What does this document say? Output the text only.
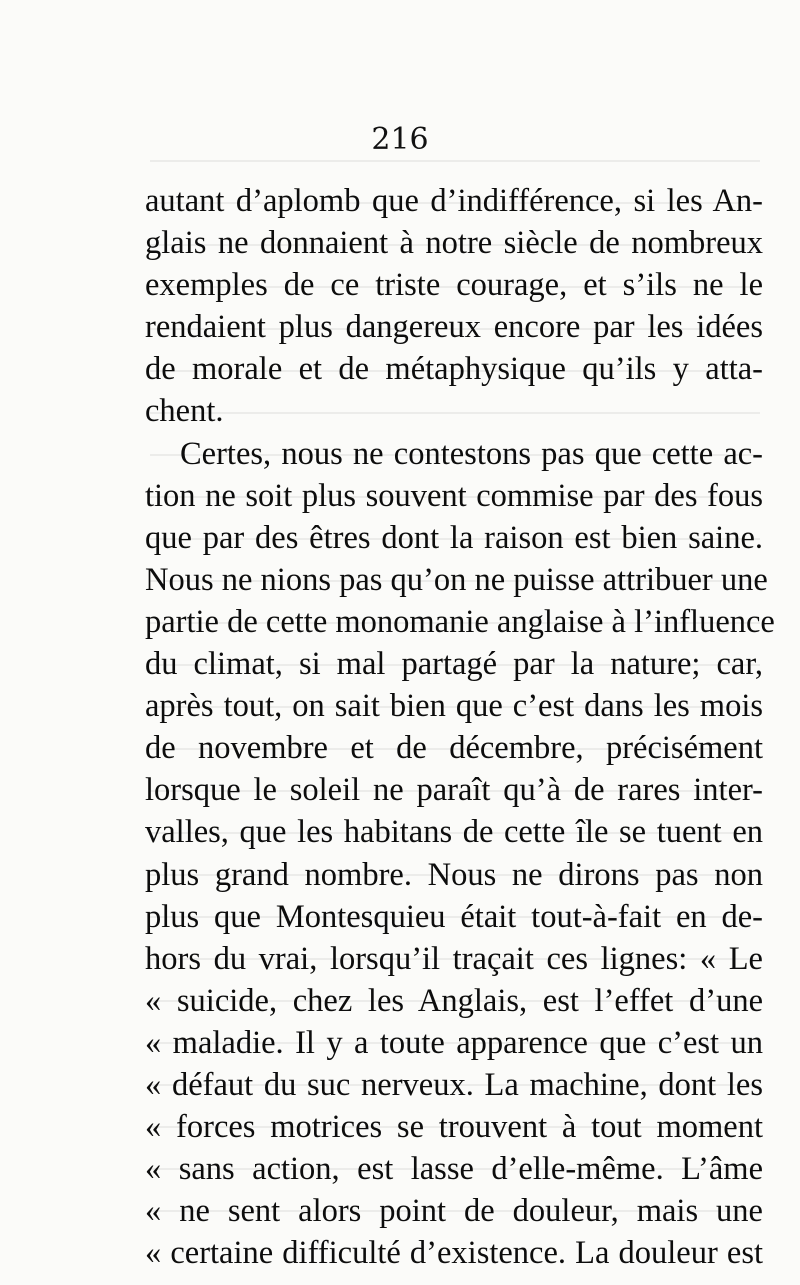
216
autant d’aplomb que d’indifférence, si les An-
glais ne donnaient à notre siècle de nombreux
exemples de ce triste courage, et s’ils ne le
rendaient plus dangereux encore par les idées
de morale et de métaphysique qu’ils y atta-
chent.
Certes, nous ne contestons pas que cette ac-
tion ne soit plus souvent commise par des fous
que par des êtres dont la raison est bien saine.
Nous ne nions pas qu’on ne puisse attribuer une
partie de cette monomanie anglaise à l’influence
du climat, si mal partagé par la nature; car,
après tout, on sait bien que c’est dans les mois
de novembre et de décembre, précisément
lorsque le soleil ne paraît qu’à de rares inter-
valles, que les habitans de cette île se tuent en
plus grand nombre. Nous ne dirons pas non
plus que Montesquieu était tout-à-fait en de-
hors du vrai, lorsqu’il traçait ces lignes: « Le
« suicide, chez les Anglais, est l’effet d’une
« maladie. Il y a toute apparence que c’est un
« défaut du suc nerveux. La machine, dont les
« forces motrices se trouvent à tout moment
« sans action, est lasse d’elle-même. L’âme
« ne sent alors point de douleur, mais une
« certaine difficulté d’existence. La douleur est
